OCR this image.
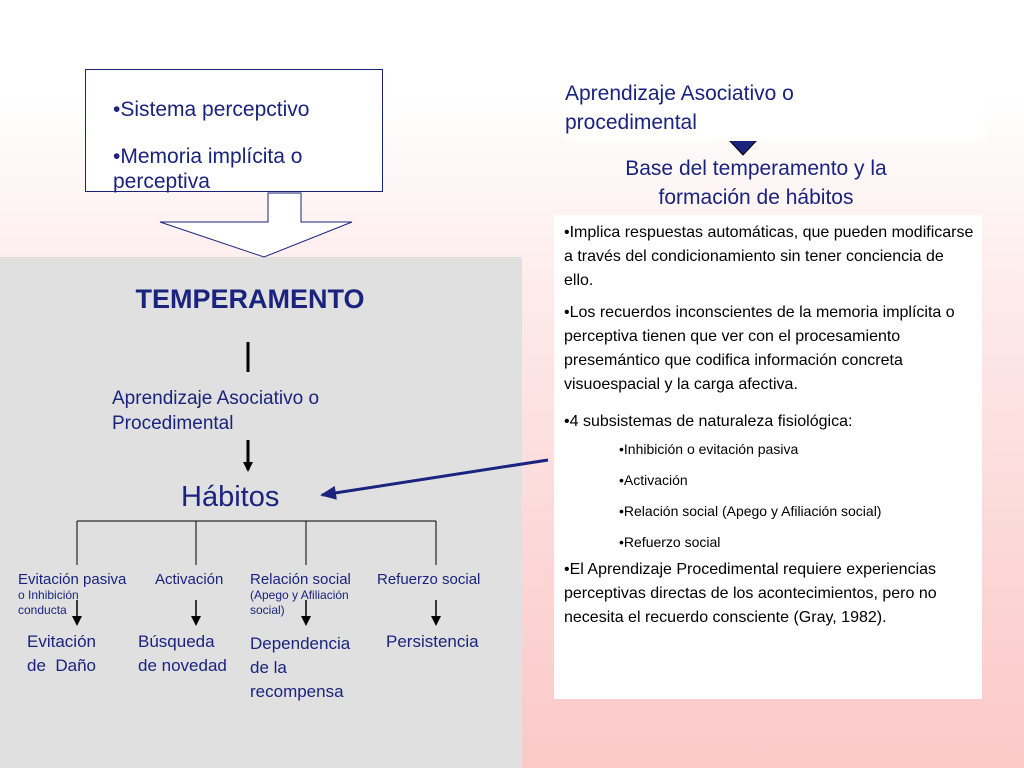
•Sistema percepctivo
•Memoria implícita o perceptiva
TEMPERAMENTO
Aprendizaje Asociativo o
Procedimental
Hábitos
Evitación pasiva
o Inhibición
conducta
Evitación
de  Daño
Activación
Búsqueda
de novedad
Relación social
(Apego y Afiliación
social)
Dependencia
de la
recompensa
Refuerzo social
Persistencia
Aprendizaje Asociativo o
procedimental
Base del temperamento y la
formación de hábitos

•Implica respuestas automáticas, que pueden modificarse a través del condicionamiento sin tener conciencia de ello.

•Los recuerdos inconscientes de la memoria implícita o perceptiva tienen que ver con el procesamiento presemántico que codifica información concreta visuoespacial y la carga afectiva.

•4 subsistemas de naturaleza fisiológica:

•Inhibición o evitación pasiva

•Activación

•Relación social (Apego y Afiliación social)

•Refuerzo social

•El Aprendizaje Procedimental requiere experiencias perceptivas directas de los acontecimientos, pero no necesita el recuerdo consciente (Gray, 1982).
